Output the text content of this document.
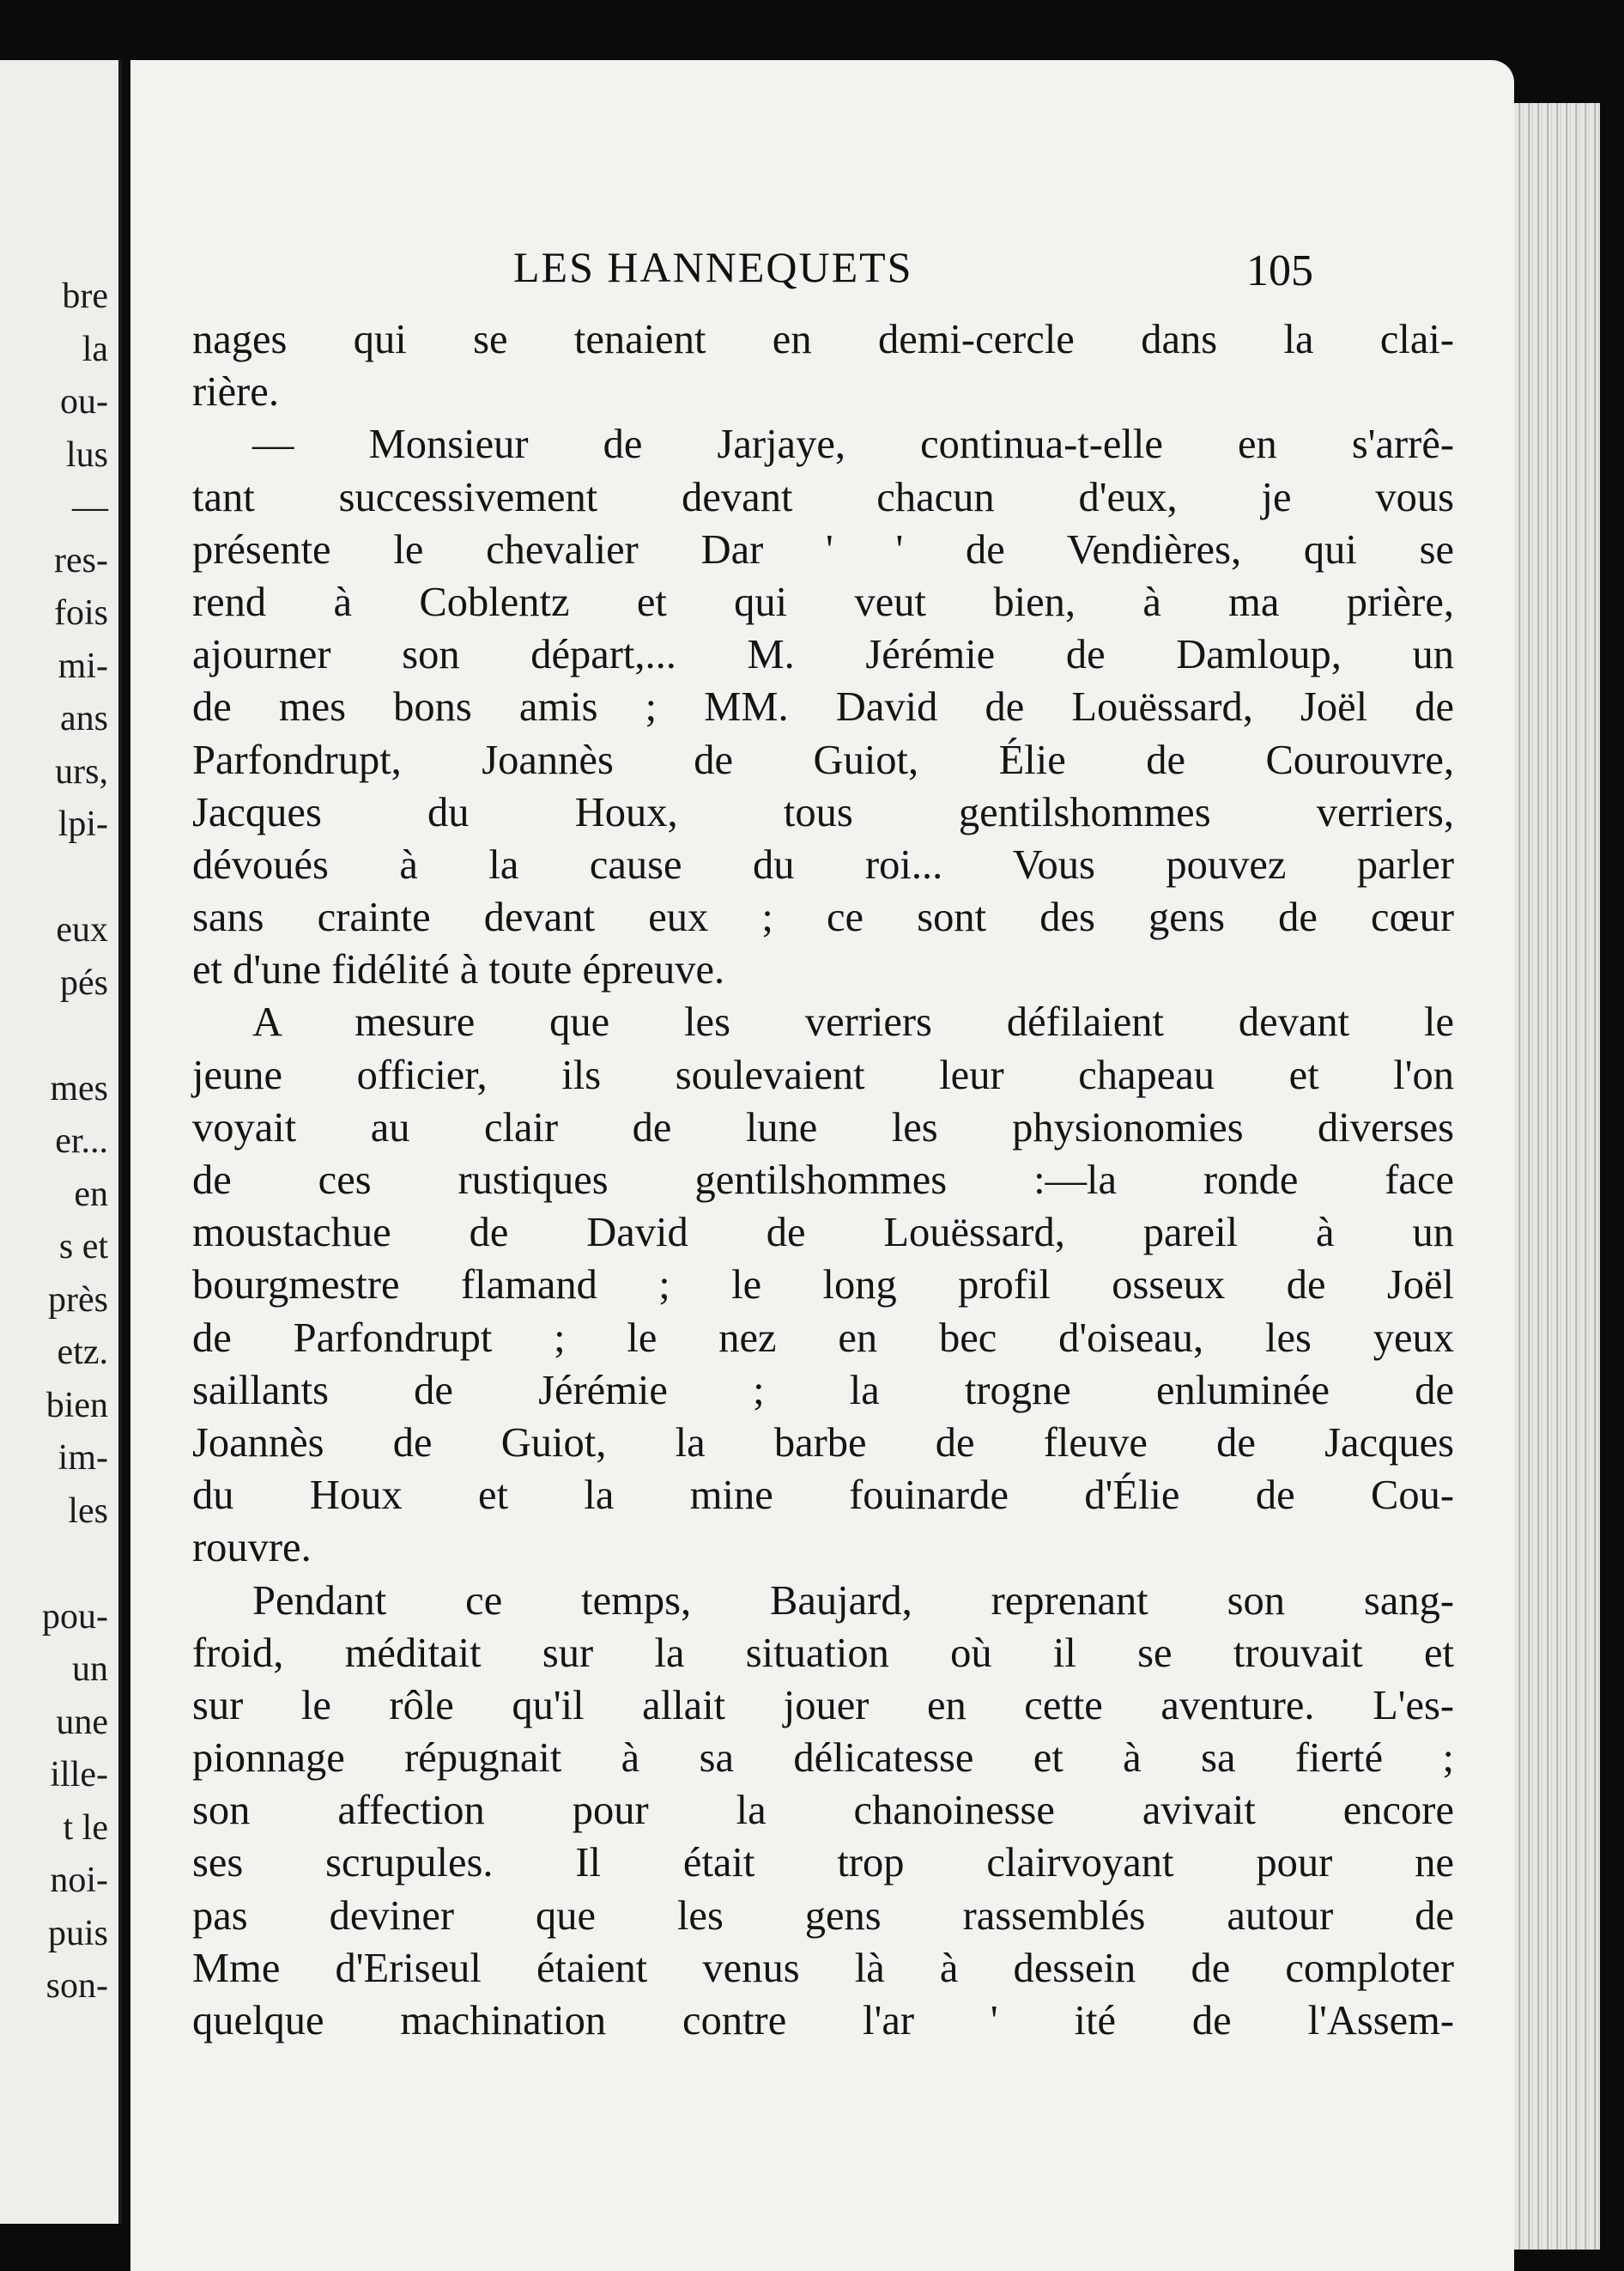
bre
la
ou-
lus
—
res-
fois
mi-
ans
urs,
lpi-
eux
pés
mes
er...
en
s et
près
etz.
bien
im-
les
pou-
un
une
ille-
t le
noi-
puis
son-
LES HANNEQUETS	105
nages qui se tenaient en demi-cercle dans la clai-
rière.
— Monsieur de Jarjaye, continua-t-elle en s'arrê-
tant successivement devant chacun d'eux, je vous
présente le chevalier Dar ' ' de Vendières, qui se
rend à Coblentz et qui veut bien, à ma prière,
ajourner son départ,... M. Jérémie de Damloup, un
de mes bons amis ; MM. David de Louëssard, Joël de
Parfondrupt, Joannès de Guiot, Élie de Courouvre,
Jacques du Houx, tous gentilshommes verriers,
dévoués à la cause du roi... Vous pouvez parler
sans crainte devant eux ; ce sont des gens de cœur
et d'une fidélité à toute épreuve.
A mesure que les verriers défilaient devant le
jeune officier, ils soulevaient leur chapeau et l'on
voyait au clair de lune les physionomies diverses
de ces rustiques gentilshommes :—la ronde face
moustachue de David de Louëssard, pareil à un
bourgmestre flamand ; le long profil osseux de Joël
de Parfondrupt ; le nez en bec d'oiseau, les yeux
saillants de Jérémie ; la trogne enluminée de
Joannès de Guiot, la barbe de fleuve de Jacques
du Houx et la mine fouinarde d'Élie de Cou-
rouvre.
Pendant ce temps, Baujard, reprenant son sang-
froid, méditait sur la situation où il se trouvait et
sur le rôle qu'il allait jouer en cette aventure. L'es-
pionnage répugnait à sa délicatesse et à sa fierté ;
son affection pour la chanoinesse avivait encore
ses scrupules. Il était trop clairvoyant pour ne
pas deviner que les gens rassemblés autour de
Mme d'Eriseul étaient venus là à dessein de comploter
quelque machination contre l'ar ' ité de l'Assem-
